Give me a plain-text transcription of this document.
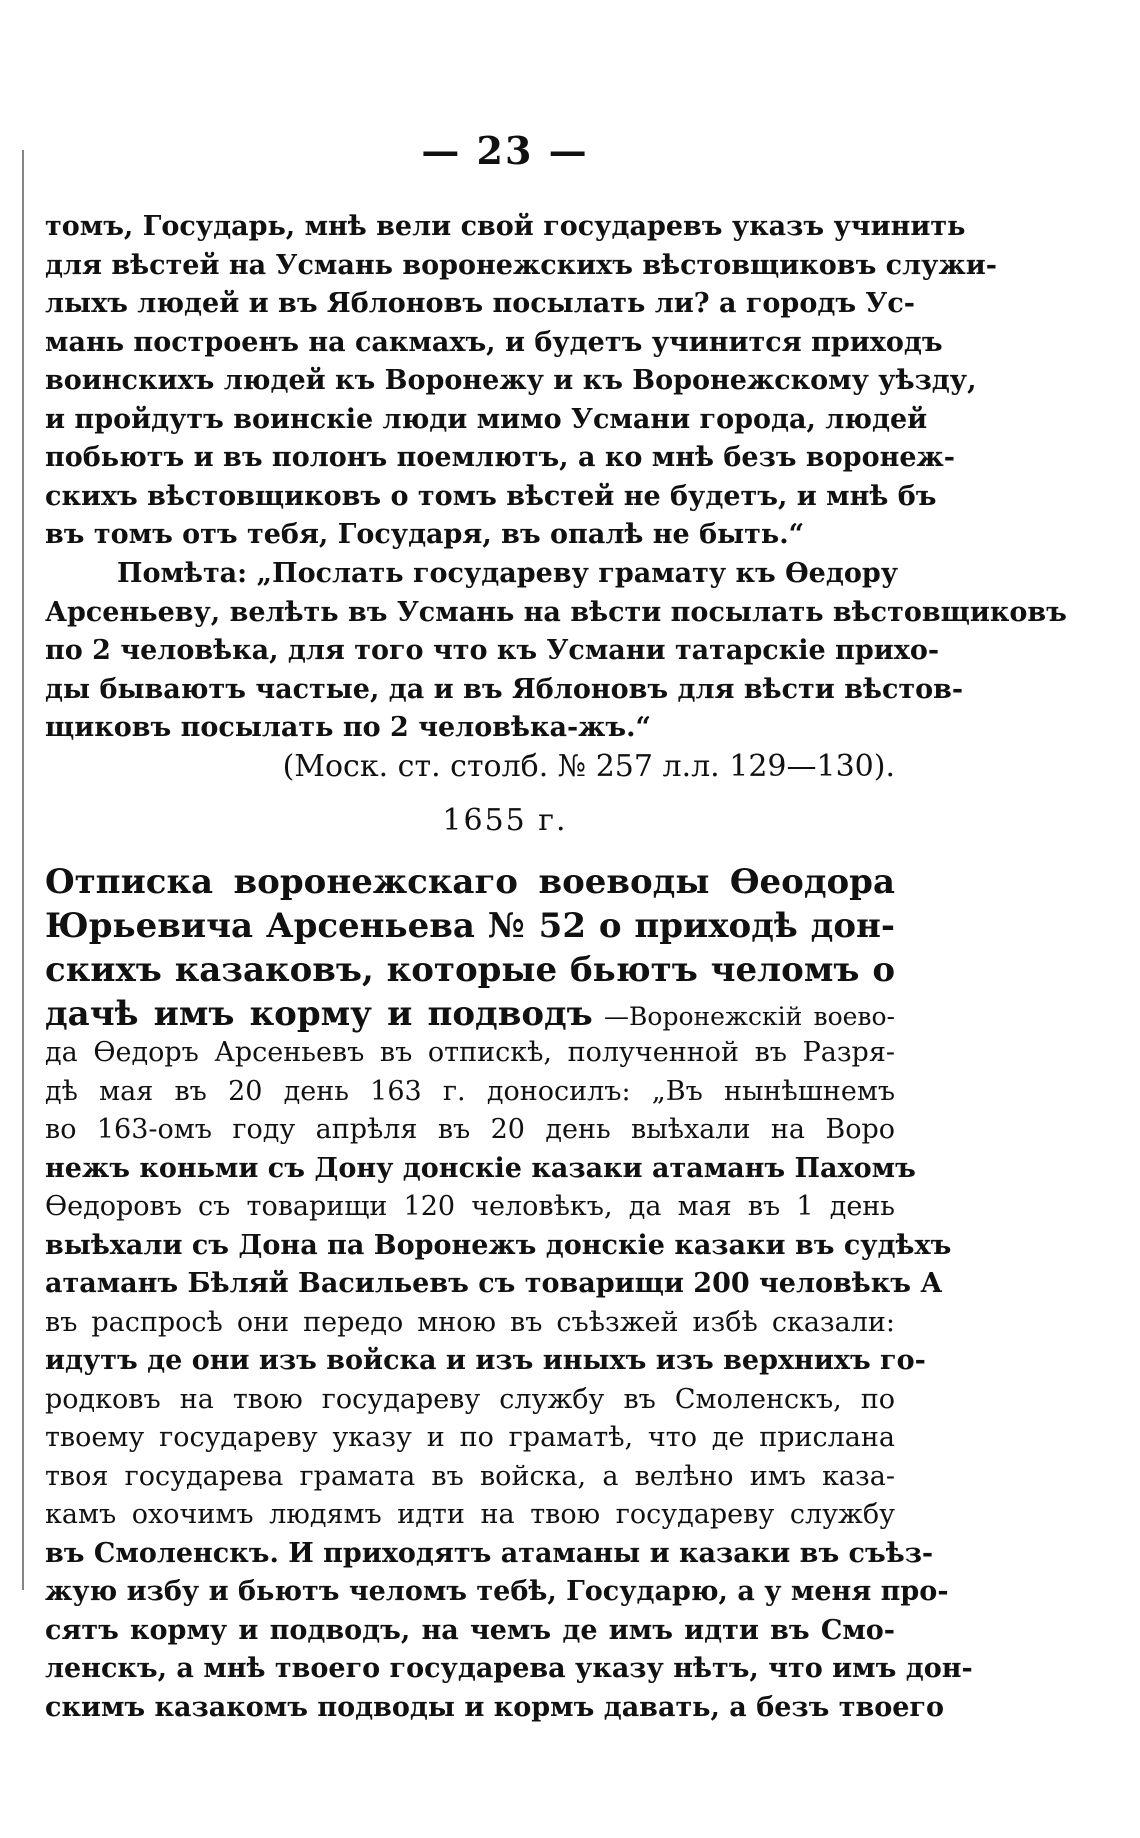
— 23 —
томъ, Государь, мнѣ вели свой государевъ указъ учинить
для вѣстей на Усмань воронежскихъ вѣстовщиковъ служи-
лыхъ людей и въ Яблоновъ посылать ли? а городъ Ус-
мань построенъ на сакмахъ, и будетъ учинится приходъ
воинскихъ людей къ Воронежу и къ Воронежскому уѣзду,
и пройдутъ воинскіе люди мимо Усмани города, людей
побьютъ и въ полонъ поемлютъ, а ко мнѣ безъ воронеж-
скихъ вѣстовщиковъ о томъ вѣстей не будетъ, и мнѣ бъ
въ томъ отъ тебя, Государя, въ опалѣ не быть.“
Помѣта: „Послать государеву грамату къ Ѳедору
Арсеньеву, велѣть въ Усмань на вѣсти посылать вѣстовщиковъ
по 2 человѣка, для того что къ Усмани татарскіе прихо-
ды бываютъ частые, да и въ Яблоновъ для вѣсти вѣстов-
щиковъ посылать по 2 человѣка-жъ.“
(Моск. ст. столб. № 257 л.л. 129—130).
1655 г.
Отписка воронежскаго воеводы Ѳеодора
Юрьевича Арсеньева № 52 о приходѣ дон-
скихъ казаковъ, которые бьютъ челомъ о
дачѣ имъ корму и подводъ —Воронежскій воево-
да Ѳедоръ Арсеньевъ въ отпискѣ, полученной въ Разря-
дѣ мая въ 20 день 163 г. доносилъ: „Въ нынѣшнемъ
во 163-омъ году апрѣля въ 20 день выѣхали на Воро
нежъ коньми съ Дону донскіе казаки атаманъ Пахомъ
Ѳедоровъ съ товарищи 120 человѣкъ, да мая въ 1 день
выѣхали съ Дона па Воронежъ донскіе казаки въ судѣхъ
атаманъ Бѣляй Васильевъ съ товарищи 200 человѣкъ А
въ распросѣ они передо мною въ съѣзжей избѣ сказали:
идутъ де они изъ войска и изъ иныхъ изъ верхнихъ го-
родковъ на твою государеву службу въ Смоленскъ, по
твоему государеву указу и по граматѣ, что де прислана
твоя государева грамата въ войска, а велѣно имъ каза-
камъ охочимъ людямъ идти на твою государеву службу
въ Смоленскъ. И приходятъ атаманы и казаки въ съѣз-
жую избу и бьютъ челомъ тебѣ, Государю, а у меня про-
сятъ корму и подводъ, на чемъ де имъ идти въ Смо-
ленскъ, а мнѣ твоего государева указу нѣтъ, что имъ дон-
скимъ казакомъ подводы и кормъ давать, а безъ твоего
